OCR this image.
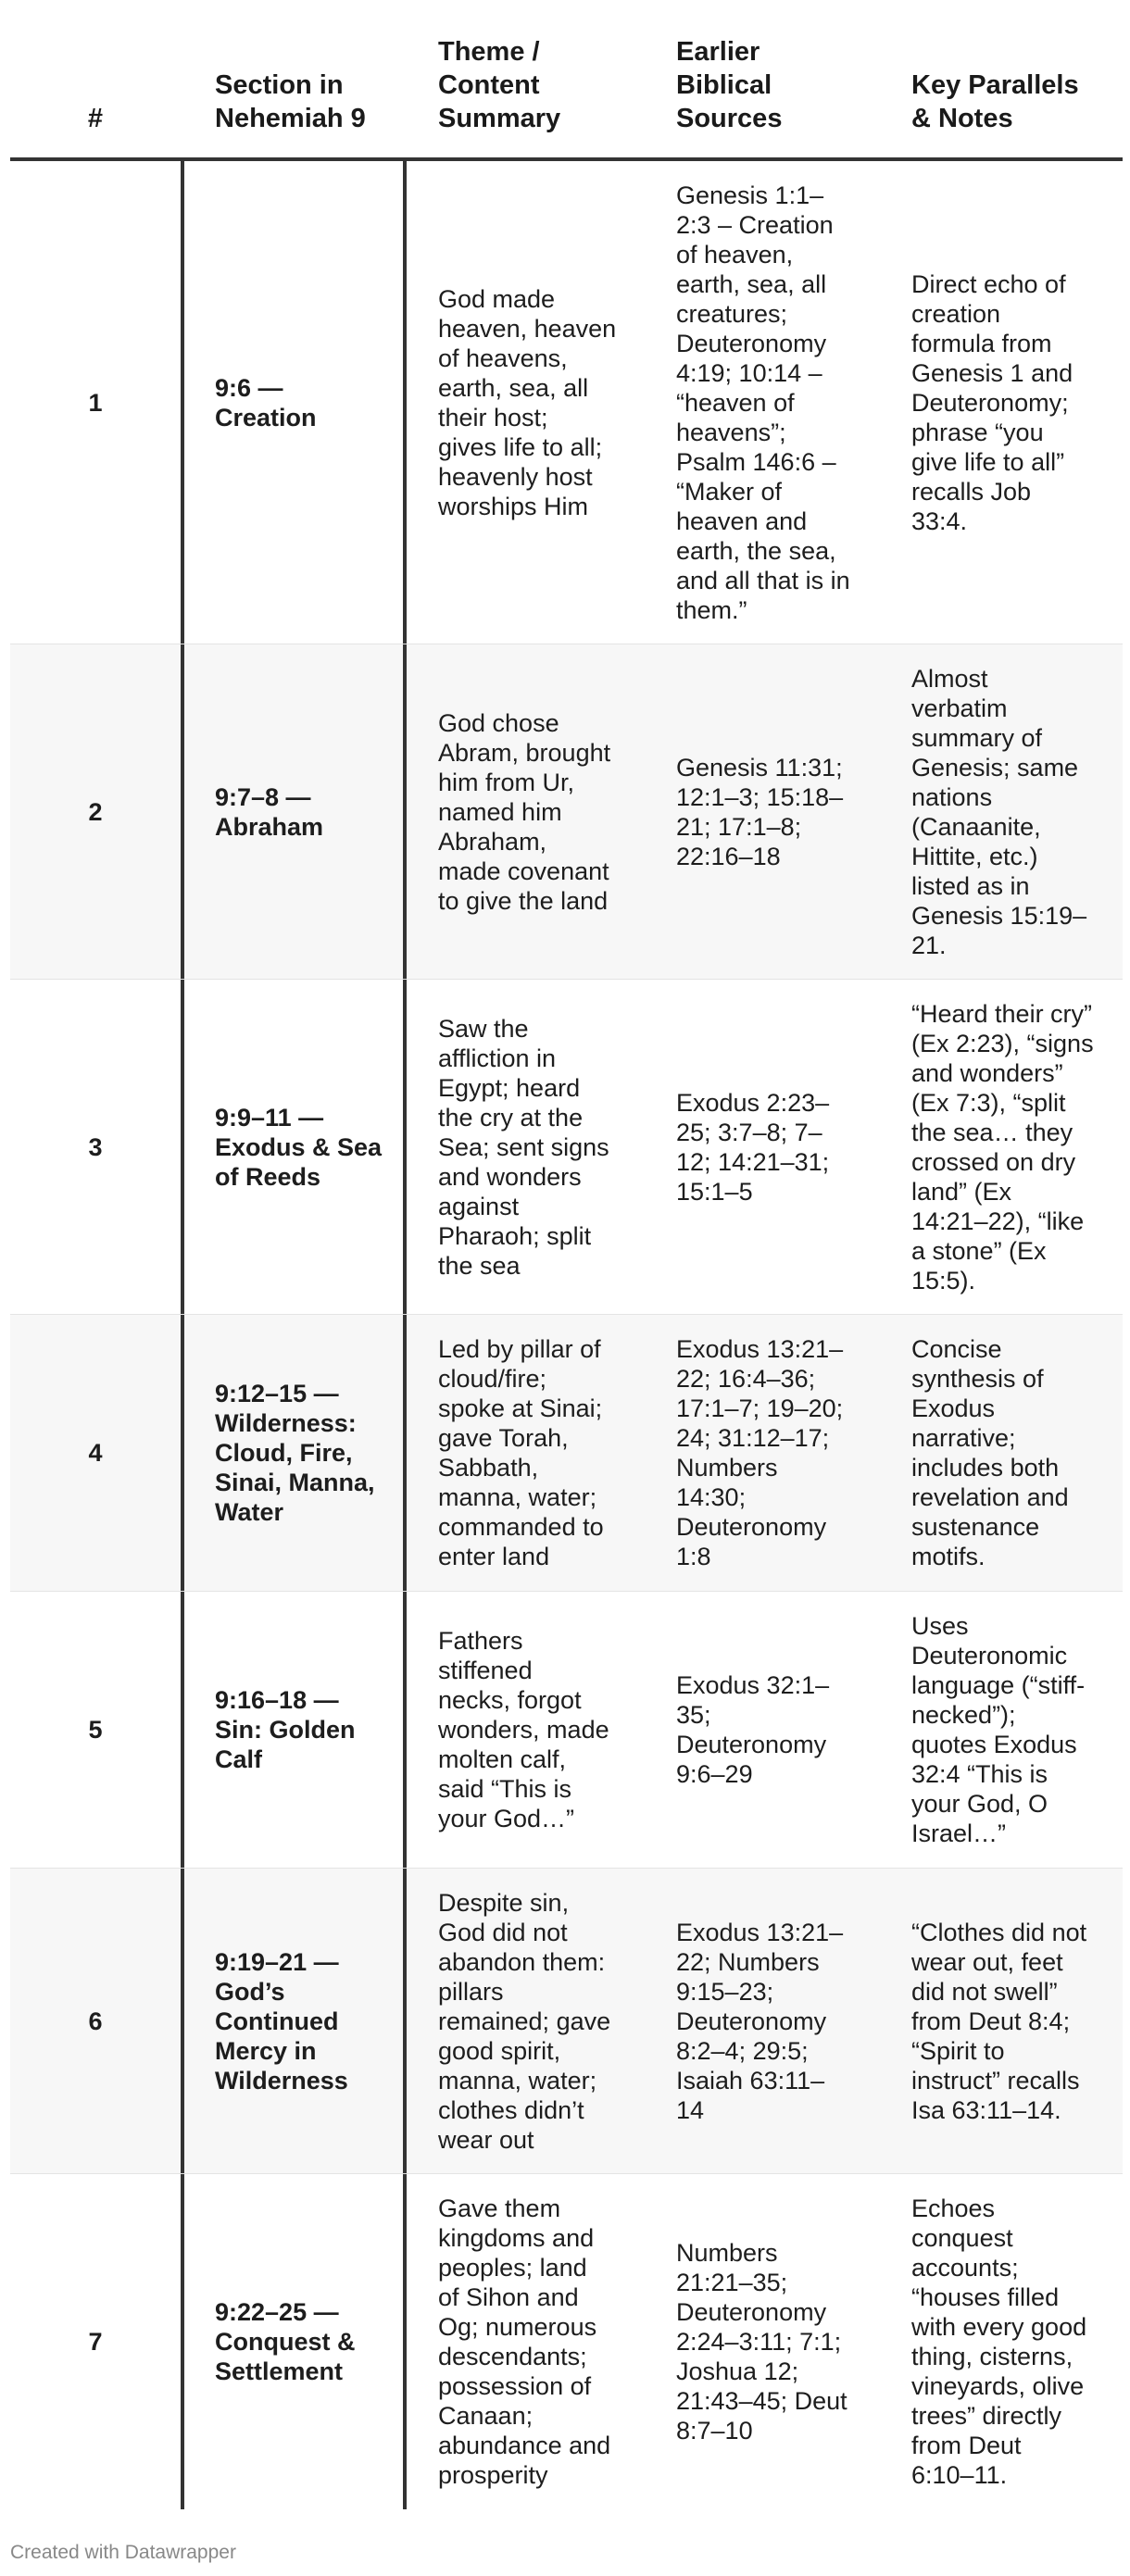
#
Section in
Nehemiah 9
Theme /
Content
Summary
Earlier
Biblical
Sources
Key Parallels
& Notes
1
9:6 —
Creation
God made
heaven, heaven
of heavens,
earth, sea, all
their host;
gives life to all;
heavenly host
worships Him
Genesis 1:1–
2:3 – Creation
of heaven,
earth, sea, all
creatures;
Deuteronomy
4:19; 10:14 –
“heaven of
heavens”;
Psalm 146:6 –
“Maker of
heaven and
earth, the sea,
and all that is in
them.”
Direct echo of
creation
formula from
Genesis 1 and
Deuteronomy;
phrase “you
give life to all”
recalls Job
33:4.
2
9:7–8 —
Abraham
God chose
Abram, brought
him from Ur,
named him
Abraham,
made covenant
to give the land
Genesis 11:31;
12:1–3; 15:18–
21; 17:1–8;
22:16–18
Almost
verbatim
summary of
Genesis; same
nations
(Canaanite,
Hittite, etc.)
listed as in
Genesis 15:19–
21.
3
9:9–11 —
Exodus & Sea
of Reeds
Saw the
affliction in
Egypt; heard
the cry at the
Sea; sent signs
and wonders
against
Pharaoh; split
the sea
Exodus 2:23–
25; 3:7–8; 7–
12; 14:21–31;
15:1–5
“Heard their cry”
(Ex 2:23), “signs
and wonders”
(Ex 7:3), “split
the sea… they
crossed on dry
land” (Ex
14:21–22), “like
a stone” (Ex
15:5).
4
9:12–15 —
Wilderness:
Cloud, Fire,
Sinai, Manna,
Water
Led by pillar of
cloud/fire;
spoke at Sinai;
gave Torah,
Sabbath,
manna, water;
commanded to
enter land
Exodus 13:21–
22; 16:4–36;
17:1–7; 19–20;
24; 31:12–17;
Numbers
14:30;
Deuteronomy
1:8
Concise
synthesis of
Exodus
narrative;
includes both
revelation and
sustenance
motifs.
5
9:16–18 —
Sin: Golden
Calf
Fathers
stiffened
necks, forgot
wonders, made
molten calf,
said “This is
your God…”
Exodus 32:1–
35;
Deuteronomy
9:6–29
Uses
Deuteronomic
language (“stiff-
necked”);
quotes Exodus
32:4 “This is
your God, O
Israel…”
6
9:19–21 —
God’s
Continued
Mercy in
Wilderness
Despite sin,
God did not
abandon them:
pillars
remained; gave
good spirit,
manna, water;
clothes didn’t
wear out
Exodus 13:21–
22; Numbers
9:15–23;
Deuteronomy
8:2–4; 29:5;
Isaiah 63:11–
14
“Clothes did not
wear out, feet
did not swell”
from Deut 8:4;
“Spirit to
instruct” recalls
Isa 63:11–14.
7
9:22–25 —
Conquest &
Settlement
Gave them
kingdoms and
peoples; land
of Sihon and
Og; numerous
descendants;
possession of
Canaan;
abundance and
prosperity
Numbers
21:21–35;
Deuteronomy
2:24–3:11; 7:1;
Joshua 12;
21:43–45; Deut
8:7–10
Echoes
conquest
accounts;
“houses filled
with every good
thing, cisterns,
vineyards, olive
trees” directly
from Deut
6:10–11.
Created with Datawrapper
